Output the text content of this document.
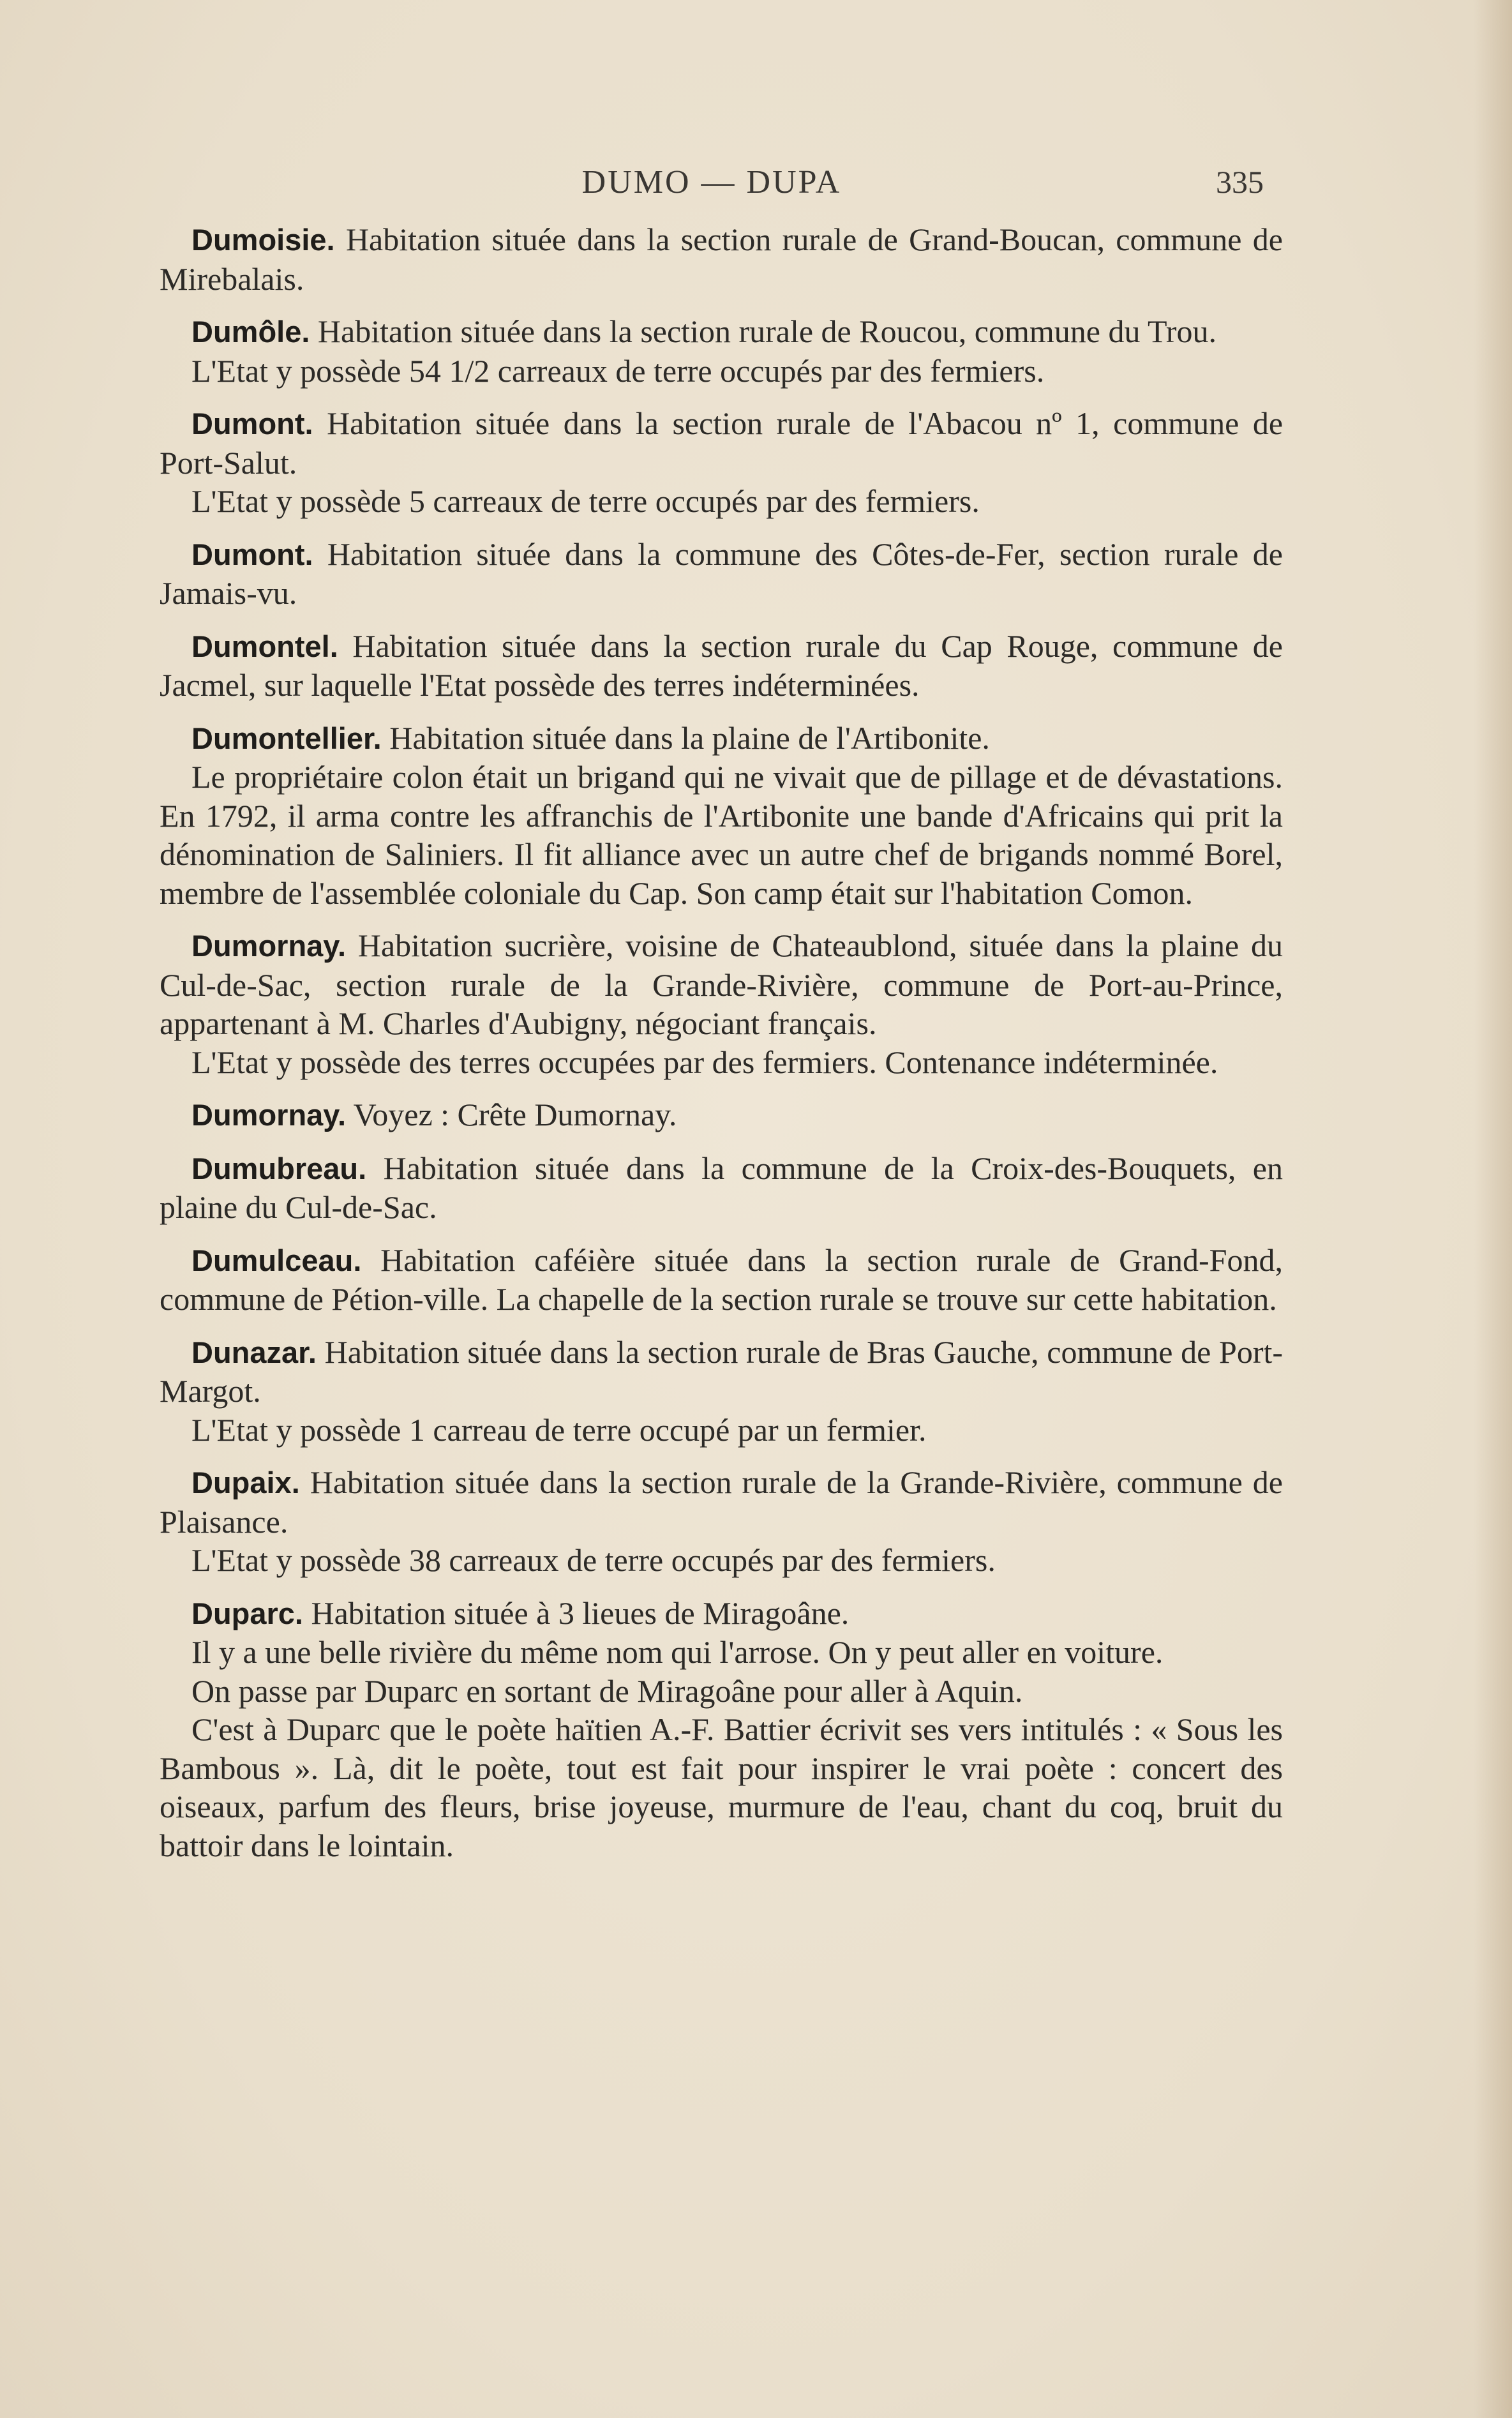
DUMO — DUPA	335

Dumoisie. Habitation située dans la section rurale de Grand-Boucan, commune de Mirebalais.

Dumôle. Habitation située dans la section rurale de Roucou, commune du Trou.

L'Etat y possède 54 1/2 carreaux de terre occupés par des fermiers.

Dumont. Habitation située dans la section rurale de l'Abacou nº 1, commune de Port-Salut.

L'Etat y possède 5 carreaux de terre occupés par des fermiers.

Dumont. Habitation située dans la commune des Côtes-de-Fer, section rurale de Jamais-vu.

Dumontel. Habitation située dans la section rurale du Cap Rouge, commune de Jacmel, sur laquelle l'Etat possède des terres indéterminées.

Dumontellier. Habitation située dans la plaine de l'Artibonite.

Le propriétaire colon était un brigand qui ne vivait que de pillage et de dévastations. En 1792, il arma contre les affranchis de l'Artibonite une bande d'Africains qui prit la dénomination de Saliniers. Il fit alliance avec un autre chef de brigands nommé Borel, membre de l'assemblée coloniale du Cap. Son camp était sur l'habitation Comon.

Dumornay. Habitation sucrière, voisine de Chateaublond, située dans la plaine du Cul-de-Sac, section rurale de la Grande-Rivière, commune de Port-au-Prince, appartenant à M. Charles d'Aubigny, négociant français.

L'Etat y possède des terres occupées par des fermiers. Contenance indéterminée.

Dumornay. Voyez : Crête Dumornay.

Dumubreau. Habitation située dans la commune de la Croix-des-Bouquets, en plaine du Cul-de-Sac.

Dumulceau. Habitation caféière située dans la section rurale de Grand-Fond, commune de Pétion-ville. La chapelle de la section rurale se trouve sur cette habitation.

Dunazar. Habitation située dans la section rurale de Bras Gauche, commune de Port-Margot.

L'Etat y possède 1 carreau de terre occupé par un fermier.

Dupaix. Habitation située dans la section rurale de la Grande-Rivière, commune de Plaisance.

L'Etat y possède 38 carreaux de terre occupés par des fermiers.

Duparc. Habitation située à 3 lieues de Miragoâne.

Il y a une belle rivière du même nom qui l'arrose. On y peut aller en voiture.

On passe par Duparc en sortant de Miragoâne pour aller à Aquin.

C'est à Duparc que le poète haïtien A.-F. Battier écrivit ses vers intitulés : « Sous les Bambous ». Là, dit le poète, tout est fait pour inspirer le vrai poète : concert des oiseaux, parfum des fleurs, brise joyeuse, murmure de l'eau, chant du coq, bruit du battoir dans le lointain.
